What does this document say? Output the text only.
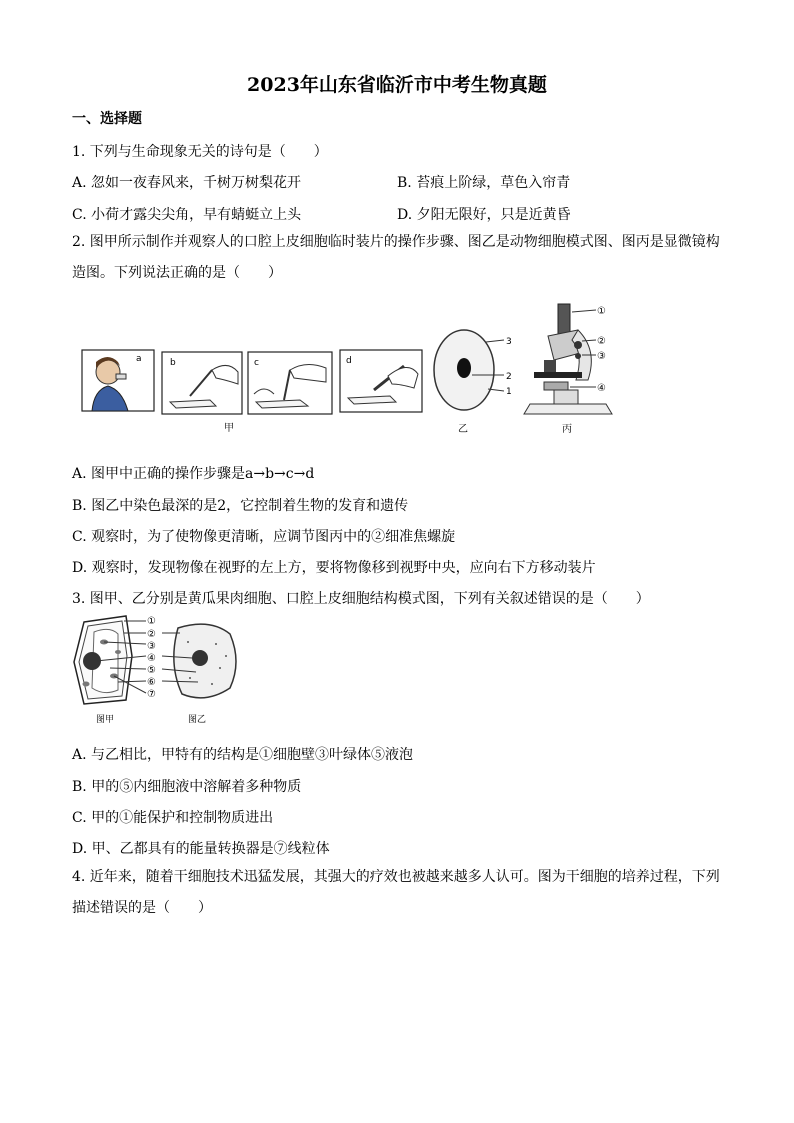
2023年山东省临沂市中考生物真题
一、选择题
1. 下列与生命现象无关的诗句是（　　）
A. 忽如一夜春风来，千树万树梨花开	B. 苔痕上阶绿，草色入帘青
C. 小荷才露尖尖角，早有蜻蜓立上头	D. 夕阳无限好，只是近黄昏
2. 图甲所示制作并观察人的口腔上皮细胞临时装片的操作步骤、图乙是动物细胞模式图、图丙是显微镜构造图。下列说法正确的是（　　）
a	b	c	d
甲
3
2
1
乙
①
②
③
④
丙
A. 图甲中正确的操作步骤是a→b→c→d
B. 图乙中染色最深的是2，它控制着生物的发育和遗传
C. 观察时，为了使物像更清晰，应调节图丙中的②细准焦螺旋
D. 观察时，发现物像在视野的左上方，要将物像移到视野中央，应向右下方移动装片
3. 图甲、乙分别是黄瓜果肉细胞、口腔上皮细胞结构模式图，下列有关叙述错误的是（　　）
①
②
③
④
⑤
⑥
⑦
图甲	图乙
A. 与乙相比，甲特有的结构是①细胞壁③叶绿体⑤液泡
B. 甲的⑤内细胞液中溶解着多种物质
C. 甲的①能保护和控制物质进出
D. 甲、乙都具有的能量转换器是⑦线粒体
4. 近年来，随着干细胞技术迅猛发展，其强大的疗效也被越来越多人认可。图为干细胞的培养过程，下列描述错误的是（　　）
